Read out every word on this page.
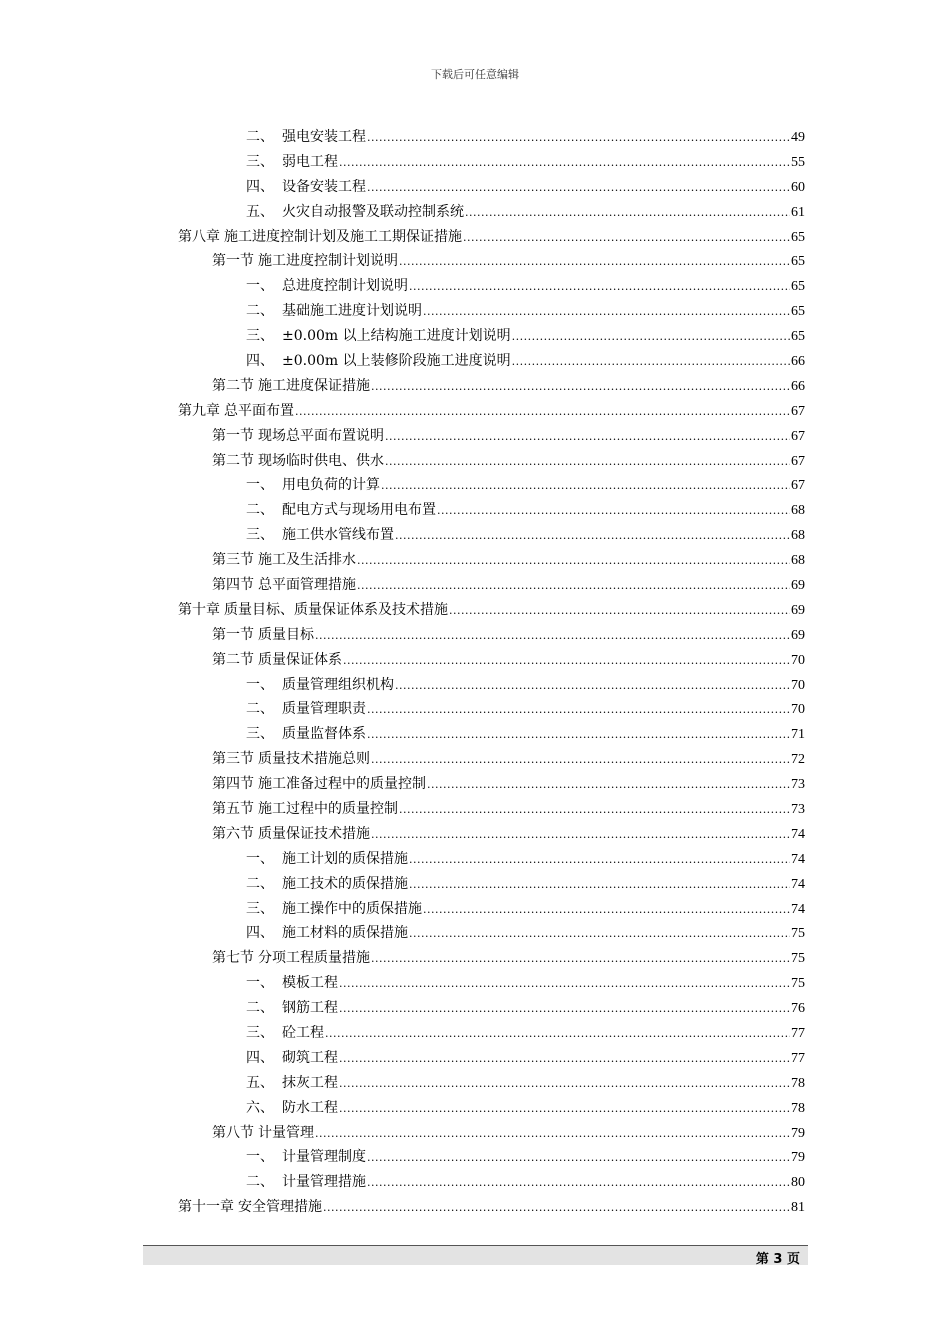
下载后可任意编辑
二、 强电安装工程 .....	49
三、 弱电工程 .....	55
四、 设备安装工程 .....	60
五、 火灾自动报警及联动控制系统 .....	61
第八章 施工进度控制计划及施工工期保证措施 .....	65
第一节 施工进度控制计划说明 .....	65
一、 总进度控制计划说明 .....	65
二、 基础施工进度计划说明 .....	65
三、 ±0.00m 以上结构施工进度计划说明 .....	65
四、 ±0.00m 以上装修阶段施工进度说明 .....	66
第二节 施工进度保证措施 .....	66
第九章 总平面布置 .....	67
第一节 现场总平面布置说明 .....	67
第二节 现场临时供电、供水 .....	67
一、 用电负荷的计算 .....	67
二、 配电方式与现场用电布置 .....	68
三、 施工供水管线布置 .....	68
第三节 施工及生活排水 .....	68
第四节 总平面管理措施 .....	69
第十章 质量目标、质量保证体系及技术措施 .....	69
第一节 质量目标 .....	69
第二节 质量保证体系 .....	70
一、 质量管理组织机构 .....	70
二、 质量管理职责 .....	70
三、 质量监督体系 .....	71
第三节 质量技术措施总则 .....	72
第四节 施工准备过程中的质量控制 .....	73
第五节 施工过程中的质量控制 .....	73
第六节 质量保证技术措施 .....	74
一、 施工计划的质保措施 .....	74
二、 施工技术的质保措施 .....	74
三、 施工操作中的质保措施 .....	74
四、 施工材料的质保措施 .....	75
第七节 分项工程质量措施 .....	75
一、 模板工程 .....	75
二、 钢筋工程 .....	76
三、 砼工程 .....	77
四、 砌筑工程 .....	77
五、 抹灰工程 .....	78
六、 防水工程 .....	78
第八节 计量管理 .....	79
一、 计量管理制度 .....	79
二、 计量管理措施 .....	80
第十一章 安全管理措施 .....	81
第 3 页
